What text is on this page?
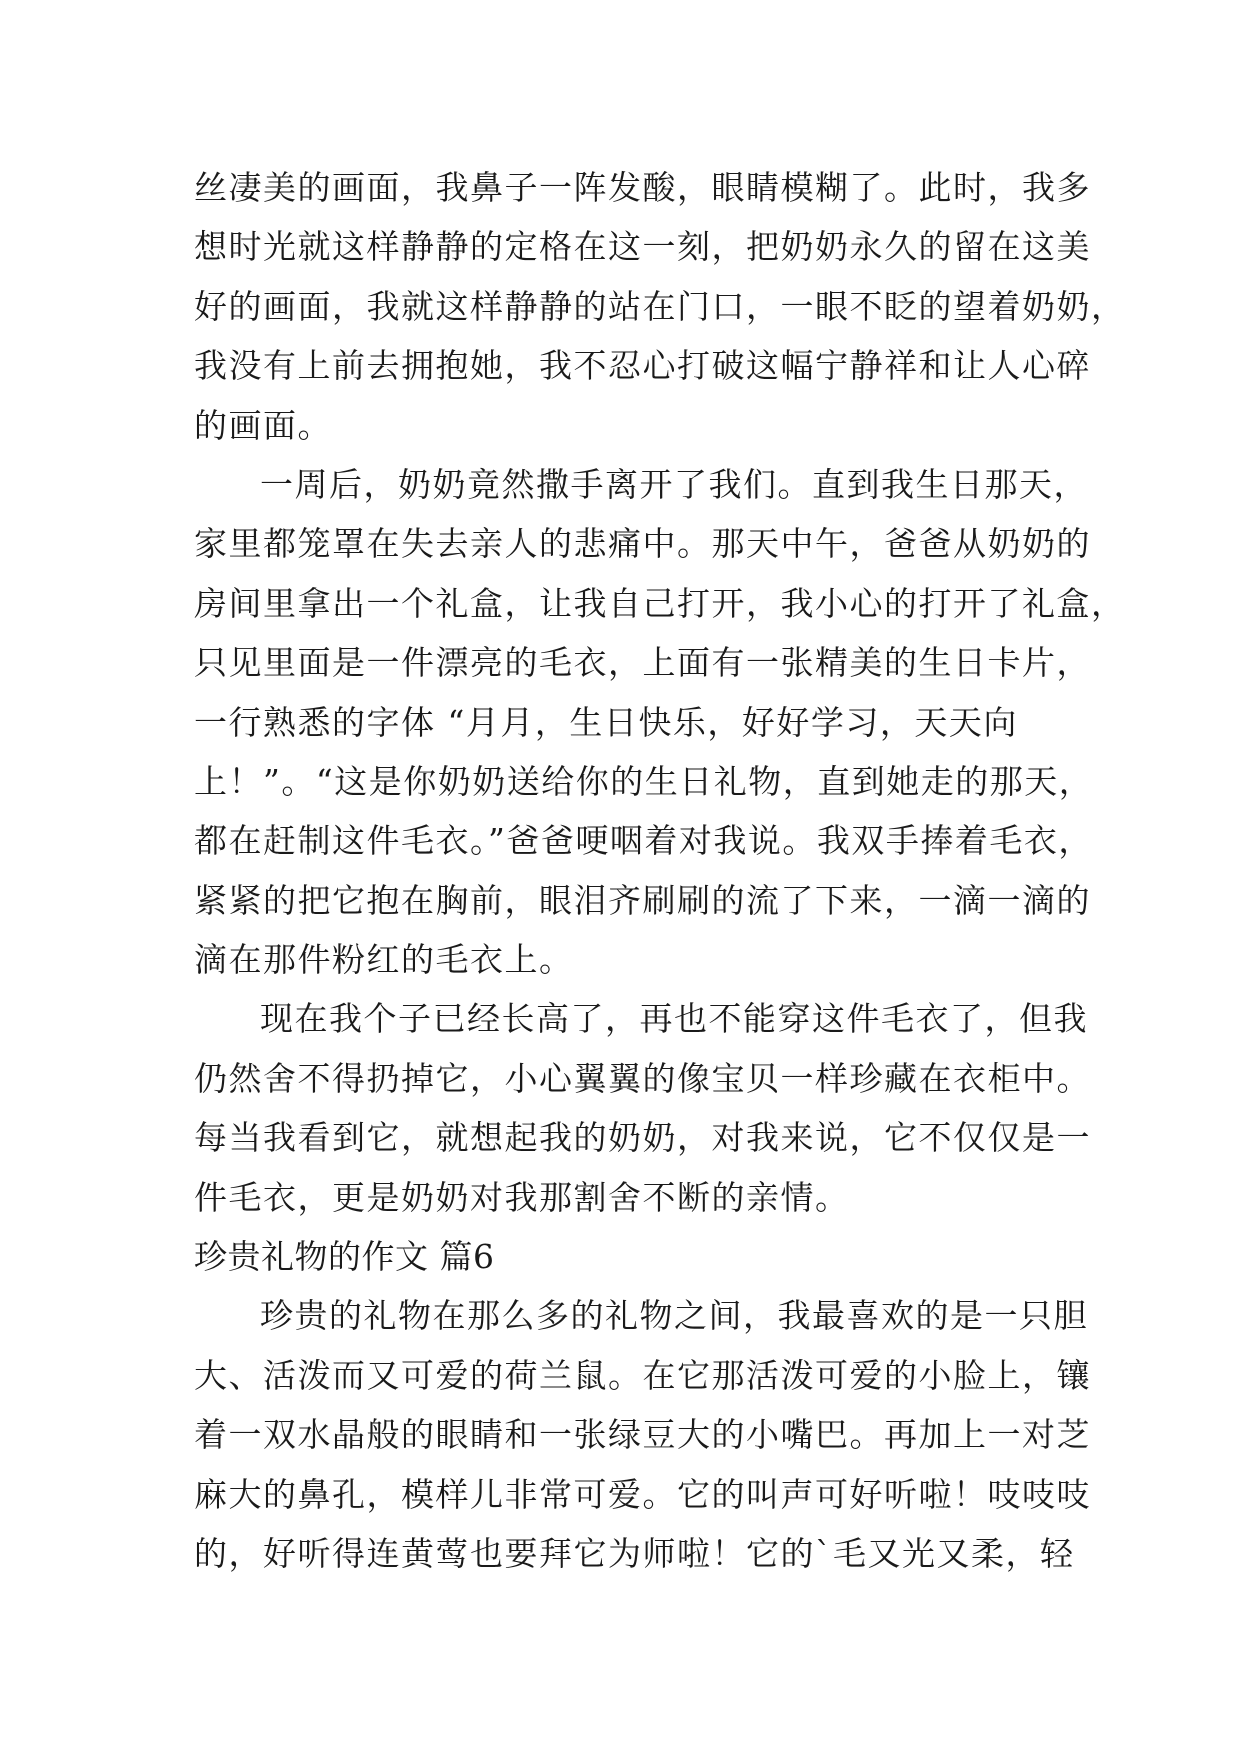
丝凄美的画面，我鼻子一阵发酸，眼睛模糊了。此时，我多
想时光就这样静静的定格在这一刻，把奶奶永久的留在这美
好的画面，我就这样静静的站在门口，一眼不眨的望着奶奶，
我没有上前去拥抱她，我不忍心打破这幅宁静祥和让人心碎
的画面。
一周后，奶奶竟然撒手离开了我们。直到我生日那天，
家里都笼罩在失去亲人的悲痛中。那天中午，爸爸从奶奶的
房间里拿出一个礼盒，让我自己打开，我小心的打开了礼盒，
只见里面是一件漂亮的毛衣，上面有一张精美的生日卡片，
一行熟悉的字体 “月月，生日快乐，好好学习，天天向
上！”。“这是你奶奶送给你的生日礼物，直到她走的那天，
都在赶制这件毛衣。”爸爸哽咽着对我说。我双手捧着毛衣，
紧紧的把它抱在胸前，眼泪齐刷刷的流了下来，一滴一滴的
滴在那件粉红的毛衣上。
现在我个子已经长高了，再也不能穿这件毛衣了，但我
仍然舍不得扔掉它，小心翼翼的像宝贝一样珍藏在衣柜中。
每当我看到它，就想起我的奶奶，对我来说，它不仅仅是一
件毛衣，更是奶奶对我那割舍不断的亲情。
珍贵礼物的作文 篇6
珍贵的礼物在那么多的礼物之间，我最喜欢的是一只胆
大、活泼而又可爱的荷兰鼠。在它那活泼可爱的小脸上，镶
着一双水晶般的眼睛和一张绿豆大的小嘴巴。再加上一对芝
麻大的鼻孔，模样儿非常可爱。它的叫声可好听啦！吱吱吱
的，好听得连黄莺也要拜它为师啦！它的`毛又光又柔，轻
